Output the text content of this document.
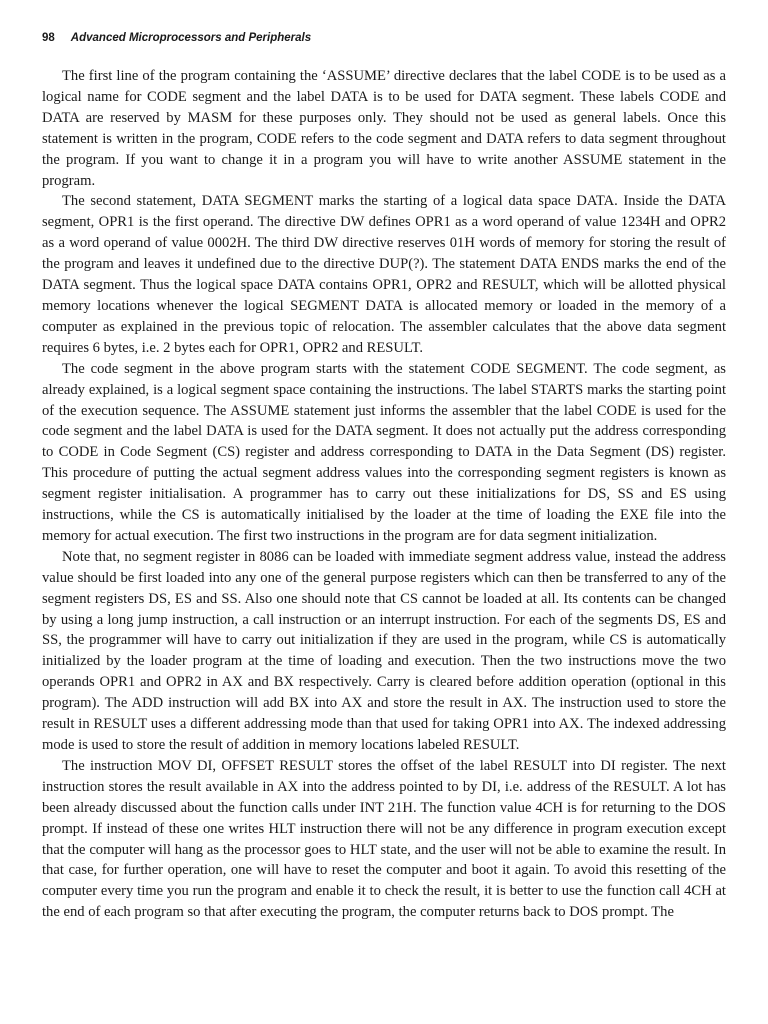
98 Advanced Microprocessors and Peripherals

The first line of the program containing the ‘ASSUME’ directive declares that the label CODE is to be used as a logical name for CODE segment and the label DATA is to be used for DATA segment. These labels CODE and DATA are reserved by MASM for these purposes only. They should not be used as general labels. Once this statement is written in the program, CODE refers to the code segment and DATA refers to data segment throughout the program. If you want to change it in a program you will have to write another ASSUME statement in the program.

The second statement, DATA SEGMENT marks the starting of a logical data space DATA. Inside the DATA segment, OPR1 is the first operand. The directive DW defines OPR1 as a word operand of value 1234H and OPR2 as a word operand of value 0002H. The third DW directive reserves 01H words of memory for storing the result of the program and leaves it undefined due to the directive DUP(?). The statement DATA ENDS marks the end of the DATA segment. Thus the logical space DATA contains OPR1, OPR2 and RESULT, which will be allotted physical memory locations whenever the logical SEGMENT DATA is allocated memory or loaded in the memory of a computer as explained in the previous topic of relocation. The assembler calculates that the above data segment requires 6 bytes, i.e. 2 bytes each for OPR1, OPR2 and RESULT.

The code segment in the above program starts with the statement CODE SEGMENT. The code segment, as already explained, is a logical segment space containing the instructions. The label STARTS marks the starting point of the execution sequence. The ASSUME statement just informs the assembler that the label CODE is used for the code segment and the label DATA is used for the DATA segment. It does not actually put the address corresponding to CODE in Code Segment (CS) register and address corresponding to DATA in the Data Segment (DS) register. This procedure of putting the actual segment address values into the corresponding segment registers is known as segment register initialisation. A programmer has to carry out these initializations for DS, SS and ES using instructions, while the CS is automatically initialised by the loader at the time of loading the EXE file into the memory for actual execution. The first two instructions in the program are for data segment initialization.

Note that, no segment register in 8086 can be loaded with immediate segment address value, instead the address value should be first loaded into any one of the general purpose registers which can then be transferred to any of the segment registers DS, ES and SS. Also one should note that CS cannot be loaded at all. Its contents can be changed by using a long jump instruction, a call instruction or an interrupt instruction. For each of the segments DS, ES and SS, the programmer will have to carry out initialization if they are used in the program, while CS is automatically initialized by the loader program at the time of loading and execution. Then the two instructions move the two operands OPR1 and OPR2 in AX and BX respectively. Carry is cleared before addition operation (optional in this program). The ADD instruction will add BX into AX and store the result in AX. The instruction used to store the result in RESULT uses a different addressing mode than that used for taking OPR1 into AX. The indexed addressing mode is used to store the result of addition in memory locations labeled RESULT.

The instruction MOV DI, OFFSET RESULT stores the offset of the label RESULT into DI register. The next instruction stores the result available in AX into the address pointed to by DI, i.e. address of the RESULT. A lot has been already discussed about the function calls under INT 21H. The function value 4CH is for returning to the DOS prompt. If instead of these one writes HLT instruction there will not be any difference in program execution except that the computer will hang as the processor goes to HLT state, and the user will not be able to examine the result. In that case, for further operation, one will have to reset the computer and boot it again. To avoid this resetting of the computer every time you run the program and enable it to check the result, it is better to use the function call 4CH at the end of each program so that after executing the program, the computer returns back to DOS prompt. The
